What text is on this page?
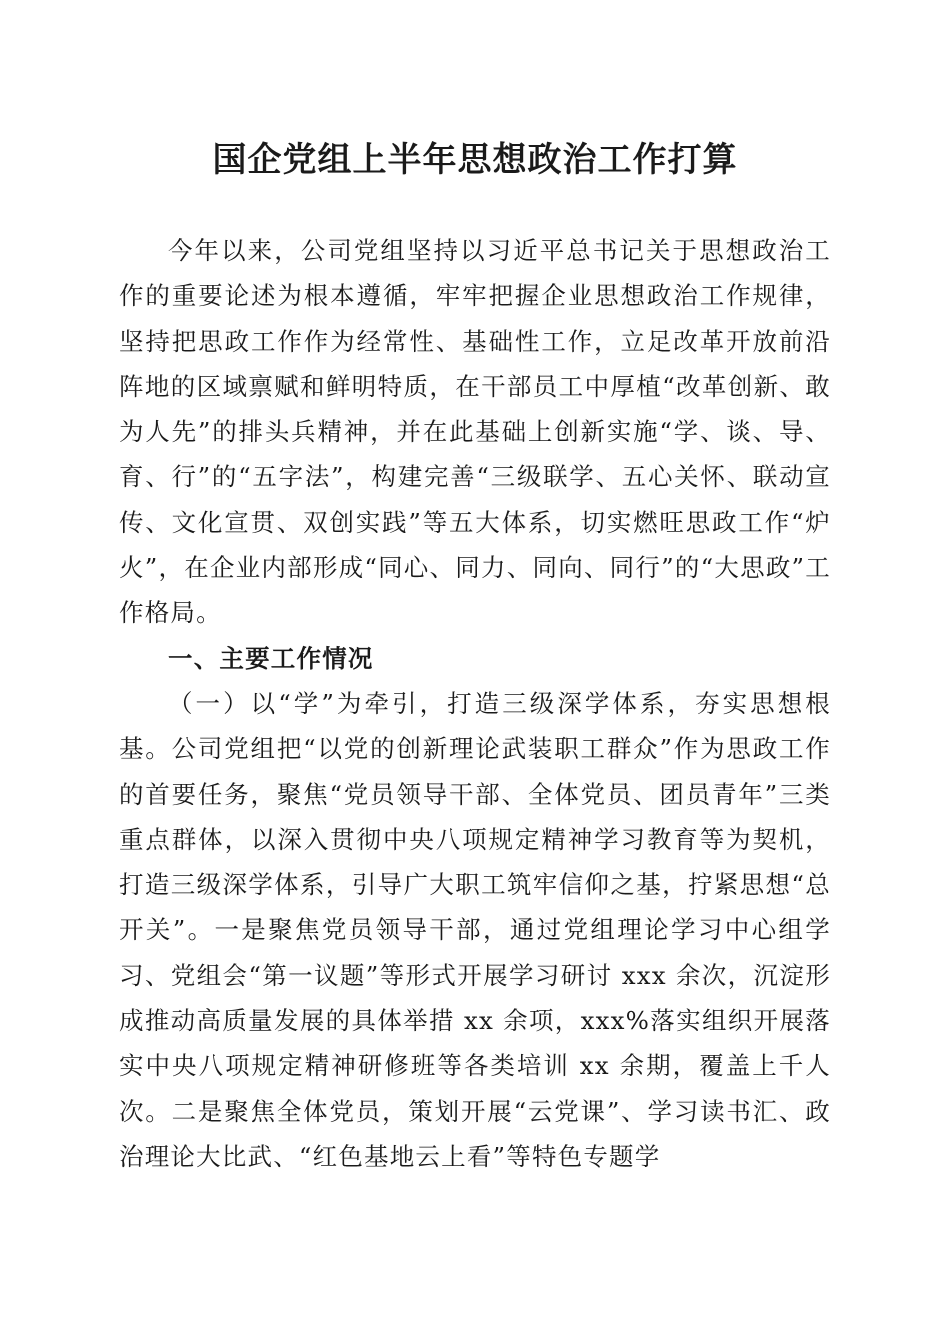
国企党组上半年思想政治工作打算

今年以来，公司党组坚持以习近平总书记关于思想政治工作的重要论述为根本遵循，牢牢把握企业思想政治工作规律，坚持把思政工作作为经常性、基础性工作，立足改革开放前沿阵地的区域禀赋和鲜明特质，在干部员工中厚植“改革创新、敢为人先”的排头兵精神，并在此基础上创新实施“学、谈、导、育、行”的“五字法”，构建完善“三级联学、五心关怀、联动宣传、文化宣贯、双创实践”等五大体系，切实燃旺思政工作“炉火”，在企业内部形成“同心、同力、同向、同行”的“大思政”工作格局。

一、主要工作情况

（一）以“学”为牵引，打造三级深学体系，夯实思想根基。公司党组把“以党的创新理论武装职工群众”作为思政工作的首要任务，聚焦“党员领导干部、全体党员、团员青年”三类重点群体，以深入贯彻中央八项规定精神学习教育等为契机，打造三级深学体系，引导广大职工筑牢信仰之基，拧紧思想“总开关”。一是聚焦党员领导干部，通过党组理论学习中心组学习、党组会“第一议题”等形式开展学习研讨 xxx 余次，沉淀形成推动高质量发展的具体举措 xx 余项，xxx%落实组织开展落实中央八项规定精神研修班等各类培训 xx 余期，覆盖上千人次。二是聚焦全体党员，策划开展“云党课”、学习读书汇、政治理论大比武、“红色基地云上看”等特色专题学
